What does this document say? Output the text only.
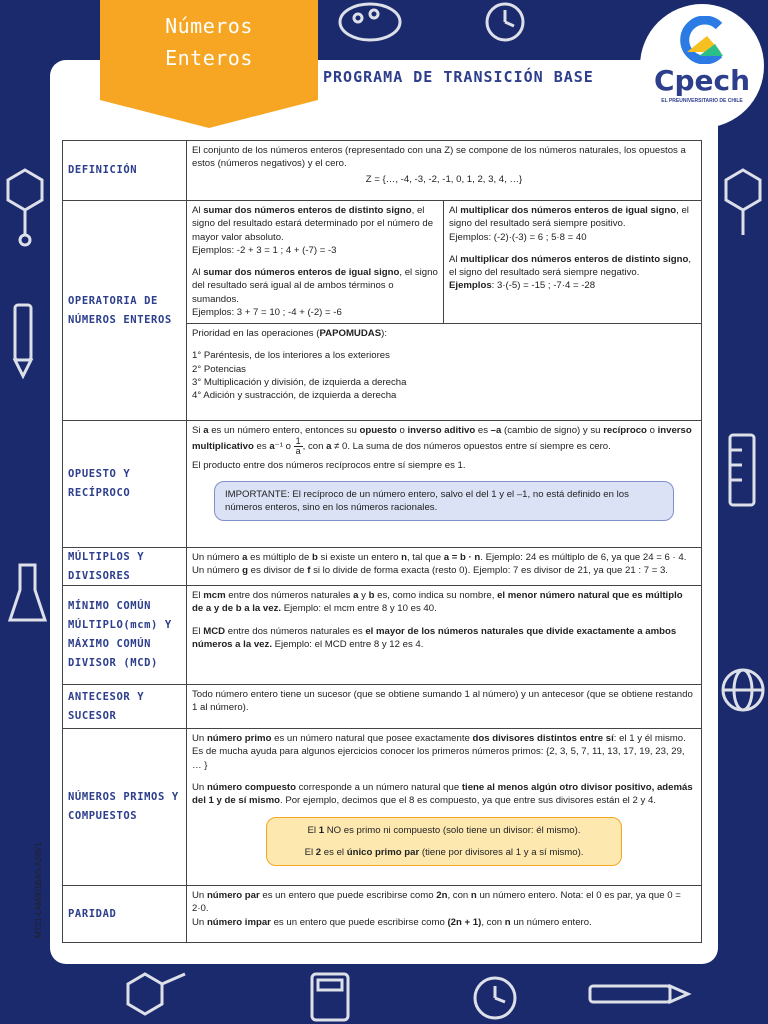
Números
Enteros
PROGRAMA DE TRANSICIÓN BASE	Cpech
EL PREUNIVERSITARIO DE CHILE
MT21-LAM001BAS-A20V1
DEFINICIÓN

El conjunto de los números enteros (representado con una Z) se compone de los números naturales, los opuestos a estos (números negativos) y el cero.

Z = {…, -4, -3, -2, -1, 0, 1, 2, 3, 4, …}

OPERATORIA DE NÚMEROS ENTEROS

Al sumar dos números enteros de distinto signo, el signo del resultado estará determinado por el número de mayor valor absoluto.

Ejemplos: -2 + 3 = 1 ; 4 + (-7) = -3

Al sumar dos números enteros de igual signo, el signo del resultado será igual al de ambos términos o sumandos.

Ejemplos: 3 + 7 = 10 ; -4 + (-2) = -6

Al multiplicar dos números enteros de igual signo, el signo del resultado será siempre positivo.

Ejemplos: (-2)·(-3) = 6 ; 5·8 = 40

Al multiplicar dos números enteros de distinto signo, el signo del resultado será siempre negativo.

Ejemplos: 3·(-5) = -15 ; -7·4 = -28

Prioridad en las operaciones (PAPOMUDAS):

1° Paréntesis, de los interiores a los exteriores

2° Potencias

3° Multiplicación y división, de izquierda a derecha

4° Adición y sustracción, de izquierda a derecha

OPUESTO Y RECÍPROCO

Si a es un número entero, entonces su opuesto o inverso aditivo es –a (cambio de signo) y su recíproco o inverso multiplicativo es a⁻¹ o $\frac{1}{a}$ , con a ≠ 0. La suma de dos números opuestos entre sí siempre es cero.

El producto entre dos números recíprocos entre sí siempre es 1.

IMPORTANTE: El recíproco de un número entero, salvo el del 1 y el –1, no está definido en los números enteros, sino en los números racionales.
MÚLTIPLOS Y DIVISORES

Un número a es múltiplo de b si existe un entero n, tal que a = b · n. Ejemplo: 24 es múltiplo de 6, ya que 24 = 6 · 4.

Un número g es divisor de f si lo divide de forma exacta (resto 0). Ejemplo: 7 es divisor de 21, ya que 21 : 7 = 3.

MÍNIMO COMÚN MÚLTIPLO(mcm) Y MÁXIMO COMÚN DIVISOR (MCD)

El mcm entre dos números naturales a y b es, como indica su nombre, el menor número natural que es múltiplo de a y de b a la vez. Ejemplo: el mcm entre 8 y 10 es 40.

El MCD entre dos números naturales es el mayor de los números naturales que divide exactamente a ambos números a la vez. Ejemplo: el MCD entre 8 y 12 es 4.

ANTECESOR Y SUCESOR

Todo número entero tiene un sucesor (que se obtiene sumando 1 al número) y un antecesor (que se obtiene restando 1 al número).

NÚMEROS PRIMOS Y COMPUESTOS

Un número primo es un número natural que posee exactamente dos divisores distintos entre sí: el 1 y él mismo. Es de mucha ayuda para algunos ejercicios conocer los primeros números primos: {2, 3, 5, 7, 11, 13, 17, 19, 23, 29, … }

Un número compuesto corresponde a un número natural que tiene al menos algún otro divisor positivo, además del 1 y de sí mismo. Por ejemplo, decimos que el 8 es compuesto, ya que entre sus divisores están el 2 y 4.

El 1 NO es primo ni compuesto (solo tiene un divisor: él mismo).

El 2 es el único primo par (tiene por divisores al 1 y a sí mismo).

PARIDAD

Un número par es un entero que puede escribirse como 2n, con n un número entero. Nota: el 0 es par, ya que 0 = 2·0.

Un número impar es un entero que puede escribirse como (2n + 1), con n un número entero.
